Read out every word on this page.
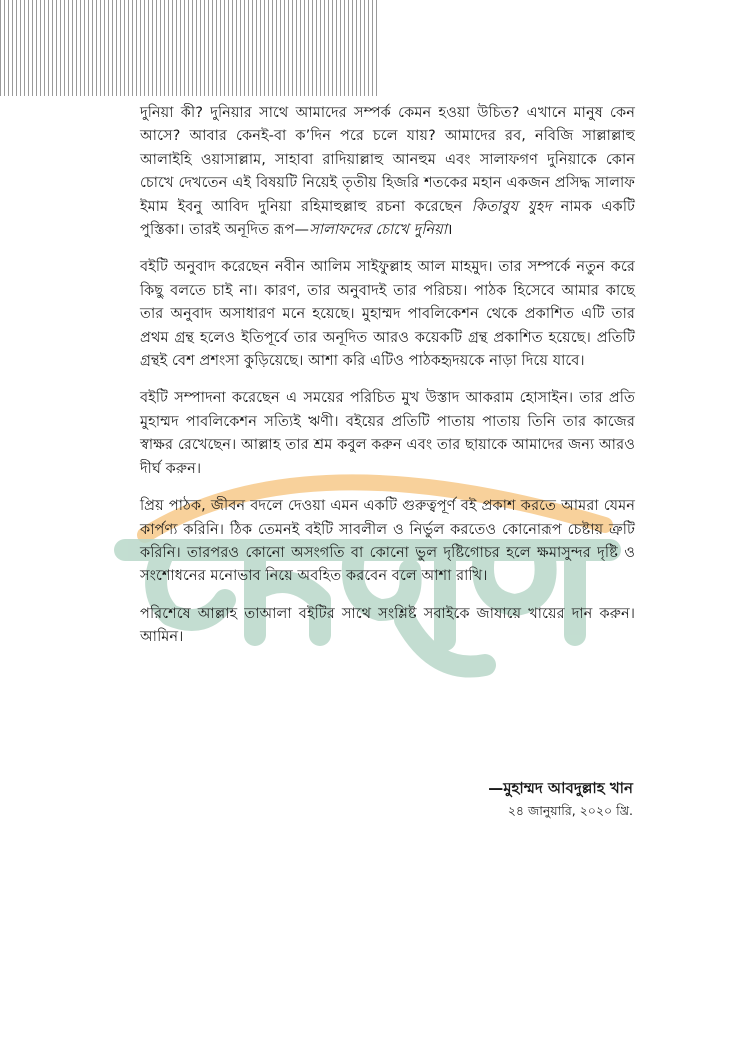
দুনিয়া কী? দুনিয়ার সাথে আমাদের সম্পর্ক কেমন হওয়া উচিত? এখানে মানুষ কেন আসে? আবার কেনই-বা ক’দিন পরে চলে যায়? আমাদের রব, নবিজি সাল্লাল্লাহু আলাইহি ওয়াসাল্লাম, সাহাবা রাদিয়াল্লাহু আনহুম এবং সালাফগণ দুনিয়াকে কোন চোখে দেখতেন এই বিষয়টি নিয়েই তৃতীয় হিজরি শতকের মহান একজন প্রসিদ্ধ সালাফ ইমাম ইবনু আবিদ দুনিয়া রহিমাহুল্লাহু রচনা করেছেন কিতাবুয যুহদ নামক একটি পুস্তিকা। তারই অনূদিত রূপ—সালাফদের চোখে দুনিয়া।

বইটি অনুবাদ করেছেন নবীন আলিম সাইফুল্লাহ আল মাহমুদ। তার সম্পর্কে নতুন করে কিছু বলতে চাই না। কারণ, তার অনুবাদই তার পরিচয়। পাঠক হিসেবে আমার কাছে তার অনুবাদ অসাধারণ মনে হয়েছে। মুহাম্মদ পাবলিকেশন থেকে প্রকাশিত এটি তার প্রথম গ্রন্থ হলেও ইতিপূর্বে তার অনূদিত আরও কয়েকটি গ্রন্থ প্রকাশিত হয়েছে। প্রতিটি গ্রন্থই বেশ প্রশংসা কুড়িয়েছে। আশা করি এটিও পাঠকহৃদয়কে নাড়া দিয়ে যাবে।

বইটি সম্পাদনা করেছেন এ সময়ের পরিচিত মুখ উস্তাদ আকরাম হোসাইন। তার প্রতি মুহাম্মদ পাবলিকেশন সত্যিই ঋণী। বইয়ের প্রতিটি পাতায় পাতায় তিনি তার কাজের স্বাক্ষর রেখেছেন। আল্লাহ তার শ্রম কবুল করুন এবং তার ছায়াকে আমাদের জন্য আরও দীর্ঘ করুন।

প্রিয় পাঠক, জীবন বদলে দেওয়া এমন একটি গুরুত্বপূর্ণ বই প্রকাশ করতে আমরা যেমন কার্পণ্য করিনি। ঠিক তেমনই বইটি সাবলীল ও নির্ভুল করতেও কোনোরূপ চেষ্টায় ত্রুটি করিনি। তারপরও কোনো অসংগতি বা কোনো ভুল দৃষ্টিগোচর হলে ক্ষমাসুন্দর দৃষ্টি ও সংশোধনের মনোভাব নিয়ে অবহিত করবেন বলে আশা রাখি।

পরিশেষে আল্লাহ তাআলা বইটির সাথে সংশ্লিষ্ট সবাইকে জাযায়ে খায়ের দান করুন। আমিন।

—মুহাম্মদ আবদুল্লাহ খান
২৪ জানুয়ারি, ২০২০ খ্রি.
